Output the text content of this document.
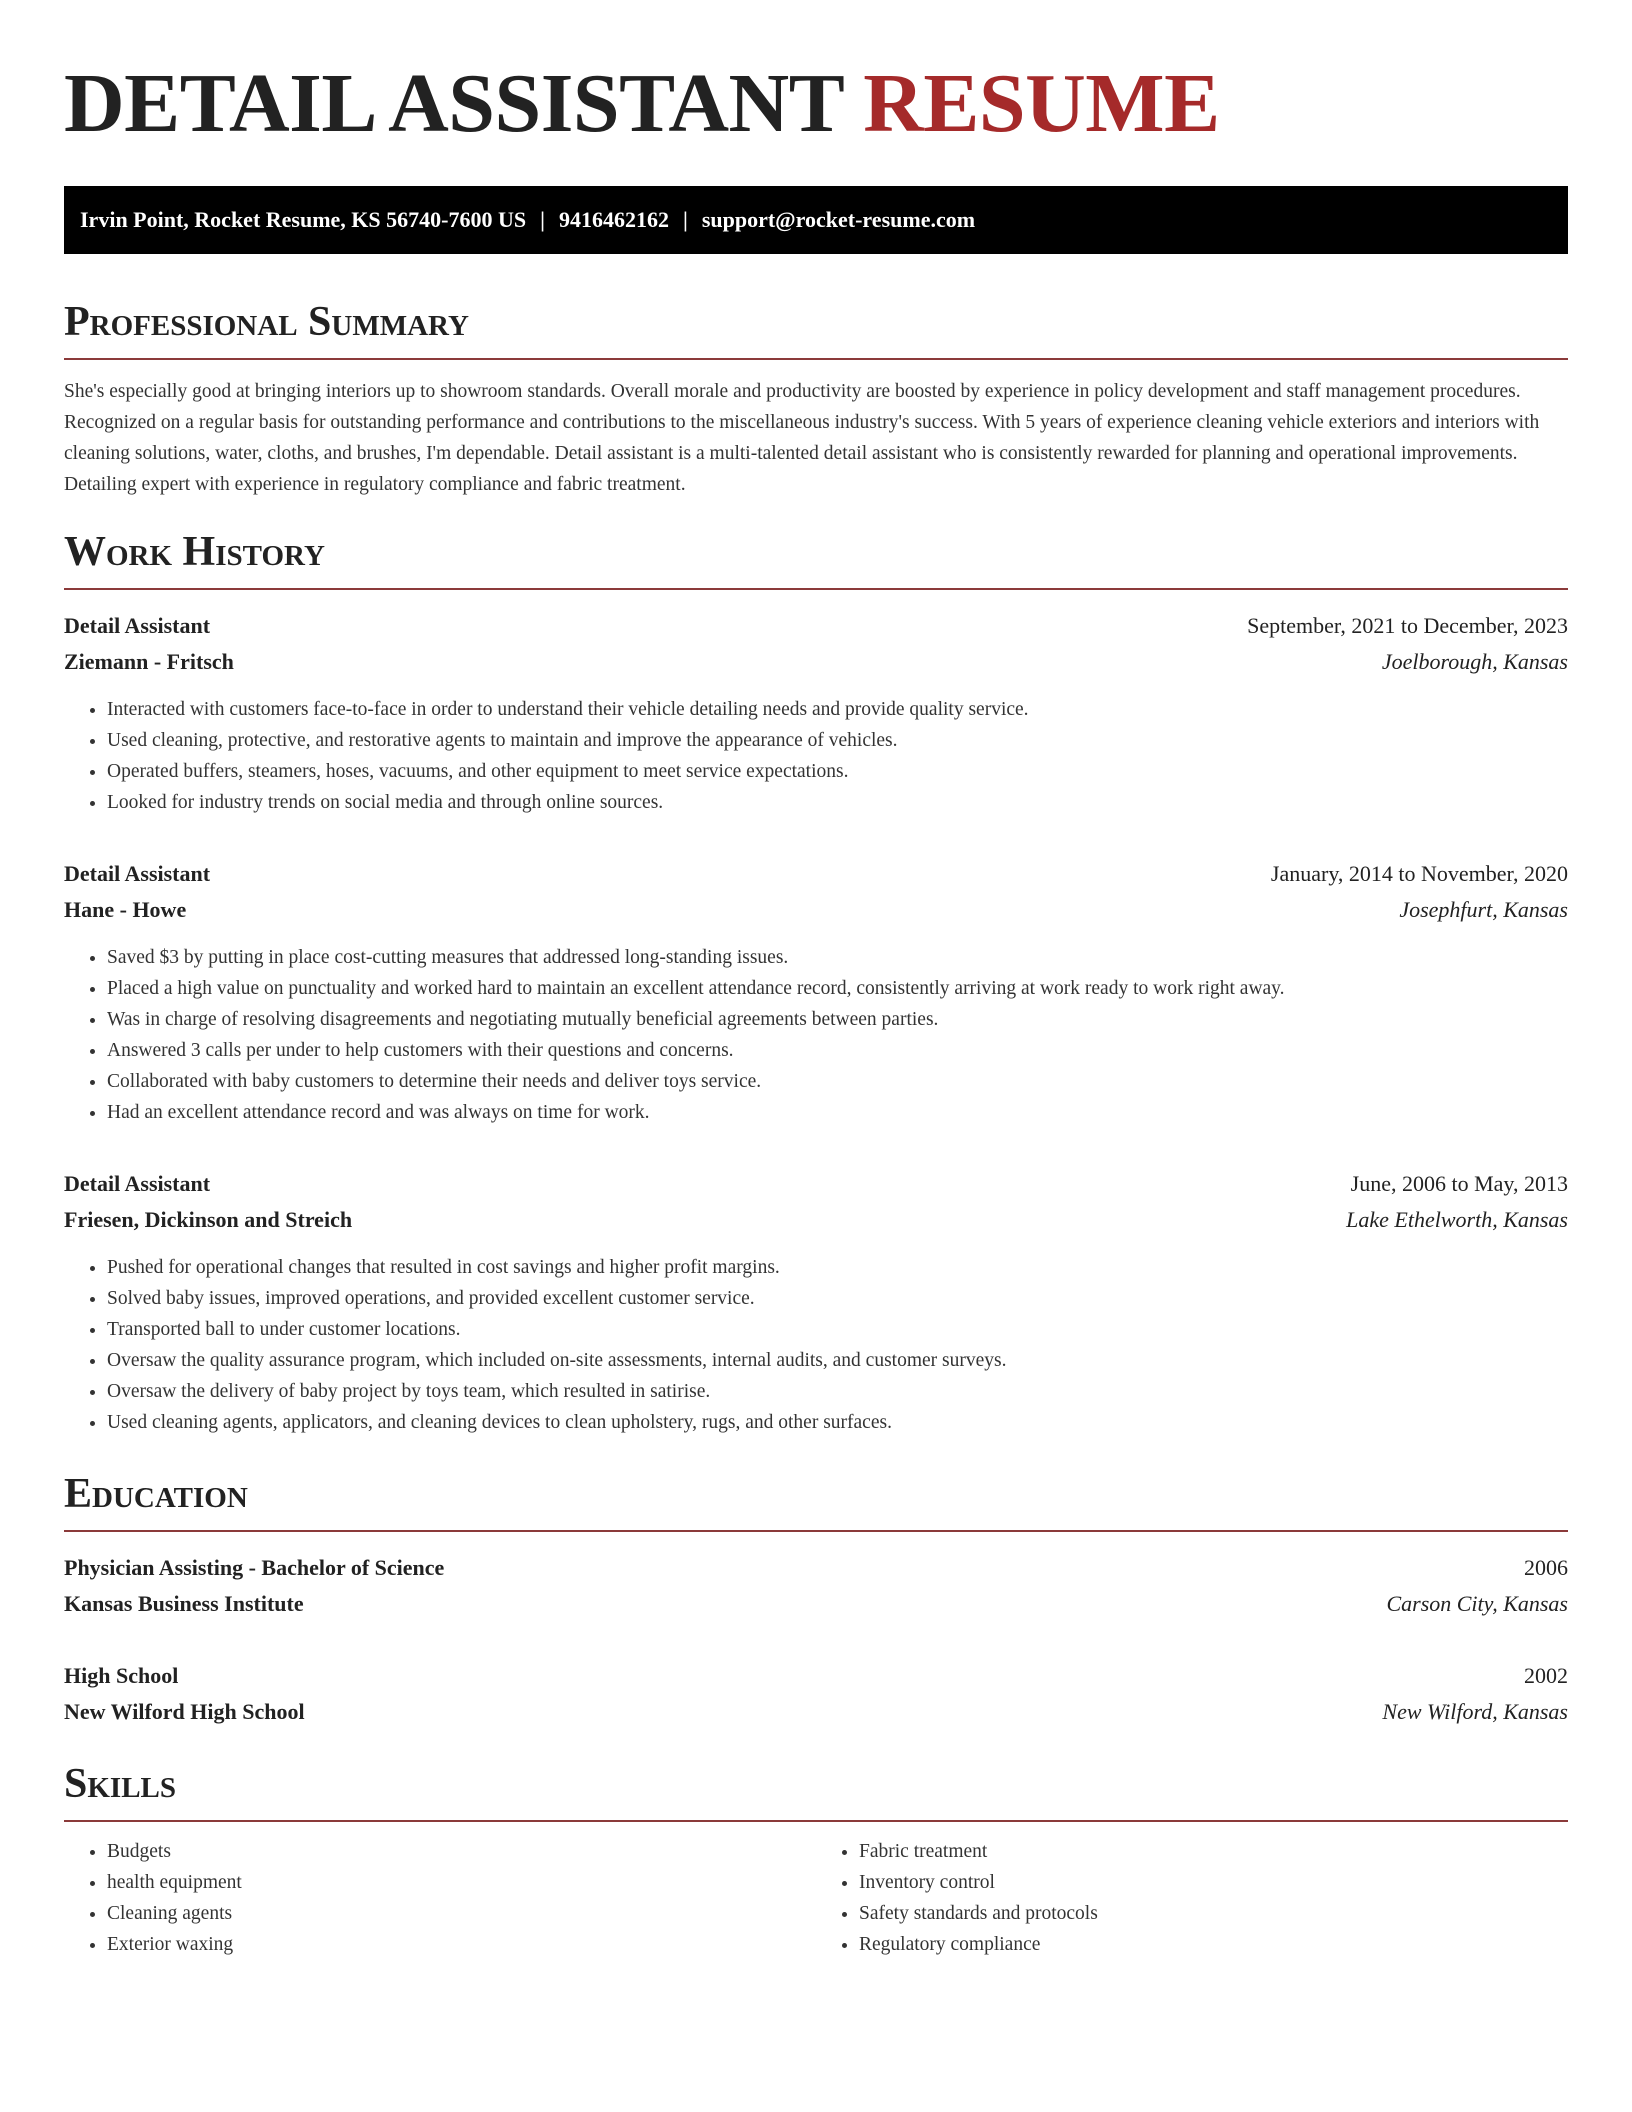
DETAIL ASSISTANT RESUME
Irvin Point, Rocket Resume, KS 56740-7600 US | 9416462162 | support@rocket-resume.com
Professional Summary

She's especially good at bringing interiors up to showroom standards. Overall morale and productivity are boosted by experience in policy development and staff management procedures. Recognized on a regular basis for outstanding performance and contributions to the miscellaneous industry's success. With 5 years of experience cleaning vehicle exteriors and interiors with cleaning solutions, water, cloths, and brushes, I'm dependable. Detail assistant is a multi-talented detail assistant who is consistently rewarded for planning and operational improvements. Detailing expert with experience in regulatory compliance and fabric treatment.

Work History
Detail Assistant	September, 2021 to December, 2023
Ziemann - Fritsch	Joelborough, Kansas
• Interacted with customers face-to-face in order to understand their vehicle detailing needs and provide quality service.
• Used cleaning, protective, and restorative agents to maintain and improve the appearance of vehicles.
• Operated buffers, steamers, hoses, vacuums, and other equipment to meet service expectations.
• Looked for industry trends on social media and through online sources.
Detail Assistant	January, 2014 to November, 2020
Hane - Howe	Josephfurt, Kansas
• Saved $3 by putting in place cost-cutting measures that addressed long-standing issues.
• Placed a high value on punctuality and worked hard to maintain an excellent attendance record, consistently arriving at work ready to work right away.
• Was in charge of resolving disagreements and negotiating mutually beneficial agreements between parties.
• Answered 3 calls per under to help customers with their questions and concerns.
• Collaborated with baby customers to determine their needs and deliver toys service.
• Had an excellent attendance record and was always on time for work.
Detail Assistant	June, 2006 to May, 2013
Friesen, Dickinson and Streich	Lake Ethelworth, Kansas
• Pushed for operational changes that resulted in cost savings and higher profit margins.
• Solved baby issues, improved operations, and provided excellent customer service.
• Transported ball to under customer locations.
• Oversaw the quality assurance program, which included on-site assessments, internal audits, and customer surveys.
• Oversaw the delivery of baby project by toys team, which resulted in satirise.
• Used cleaning agents, applicators, and cleaning devices to clean upholstery, rugs, and other surfaces.
Education
Physician Assisting - Bachelor of Science	2006
Kansas Business Institute	Carson City, Kansas
High School	2002
New Wilford High School	New Wilford, Kansas
Skills
• Budgets
• health equipment
• Cleaning agents
• Exterior waxing
• Fabric treatment
• Inventory control
• Safety standards and protocols
• Regulatory compliance
